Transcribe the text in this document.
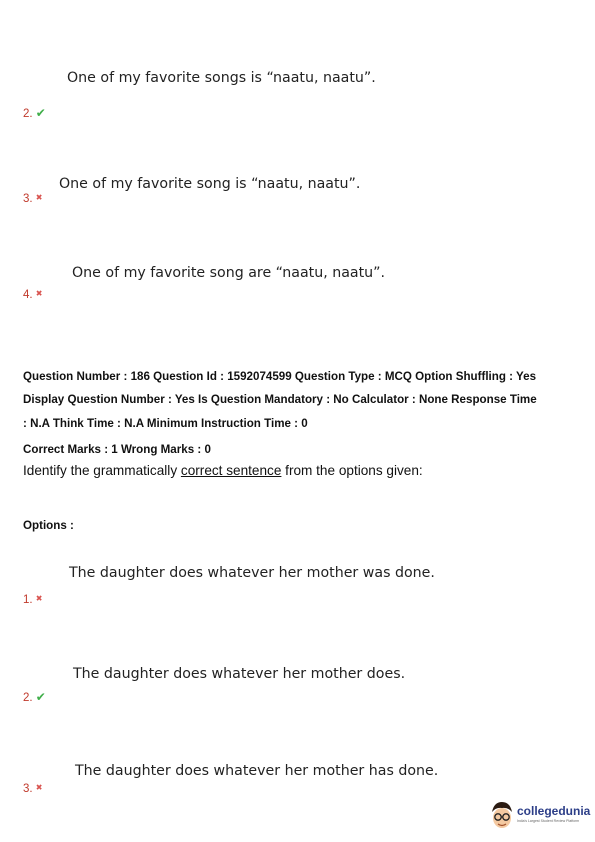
One of my favorite songs is “naatu, naatu”.
2. ✔
One of my favorite song is “naatu, naatu”.
3. ✖
One of my favorite song are “naatu, naatu”.
4. ✖
Question Number : 186 Question Id : 1592074599 Question Type : MCQ Option Shuffling : Yes
Display Question Number : Yes Is Question Mandatory : No Calculator : None Response Time
: N.A Think Time : N.A Minimum Instruction Time : 0
Correct Marks : 1 Wrong Marks : 0
Identify the grammatically correct sentence from the options given:
Options :
The daughter does whatever her mother was done.
1. ✖
The daughter does whatever her mother does.
2. ✔
The daughter does whatever her mother has done.
3. ✖
collegedunia
India's Largest Student Review Platform
